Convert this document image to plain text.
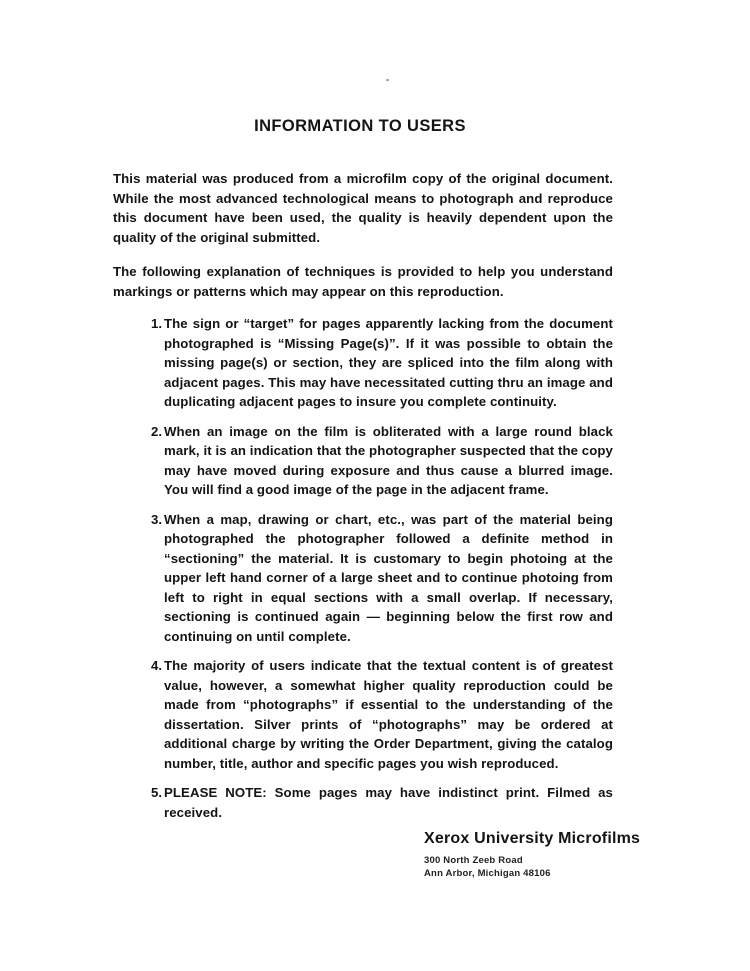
INFORMATION TO USERS

This material was produced from a microfilm copy of the original document. While the most advanced technological means to photograph and reproduce this document have been used, the quality is heavily dependent upon the quality of the original submitted.

The following explanation of techniques is provided to help you understand markings or patterns which may appear on this reproduction.

1. The sign or “target” for pages apparently lacking from the document photographed is “Missing Page(s)”. If it was possible to obtain the missing page(s) or section, they are spliced into the film along with adjacent pages. This may have necessitated cutting thru an image and duplicating adjacent pages to insure you complete continuity.
2. When an image on the film is obliterated with a large round black mark, it is an indication that the photographer suspected that the copy may have moved during exposure and thus cause a blurred image. You will find a good image of the page in the adjacent frame.
3. When a map, drawing or chart, etc., was part of the material being photographed the photographer followed a definite method in “sectioning” the material. It is customary to begin photoing at the upper left hand corner of a large sheet and to continue photoing from left to right in equal sections with a small overlap. If necessary, sectioning is continued again — beginning below the first row and continuing on until complete.
4. The majority of users indicate that the textual content is of greatest value, however, a somewhat higher quality reproduction could be made from “photographs” if essential to the understanding of the dissertation. Silver prints of “photographs” may be ordered at additional charge by writing the Order Department, giving the catalog number, title, author and specific pages you wish reproduced.
5. PLEASE NOTE: Some pages may have indistinct print. Filmed as received.
Xerox University Microfilms
300 North Zeeb Road
Ann Arbor, Michigan 48106
